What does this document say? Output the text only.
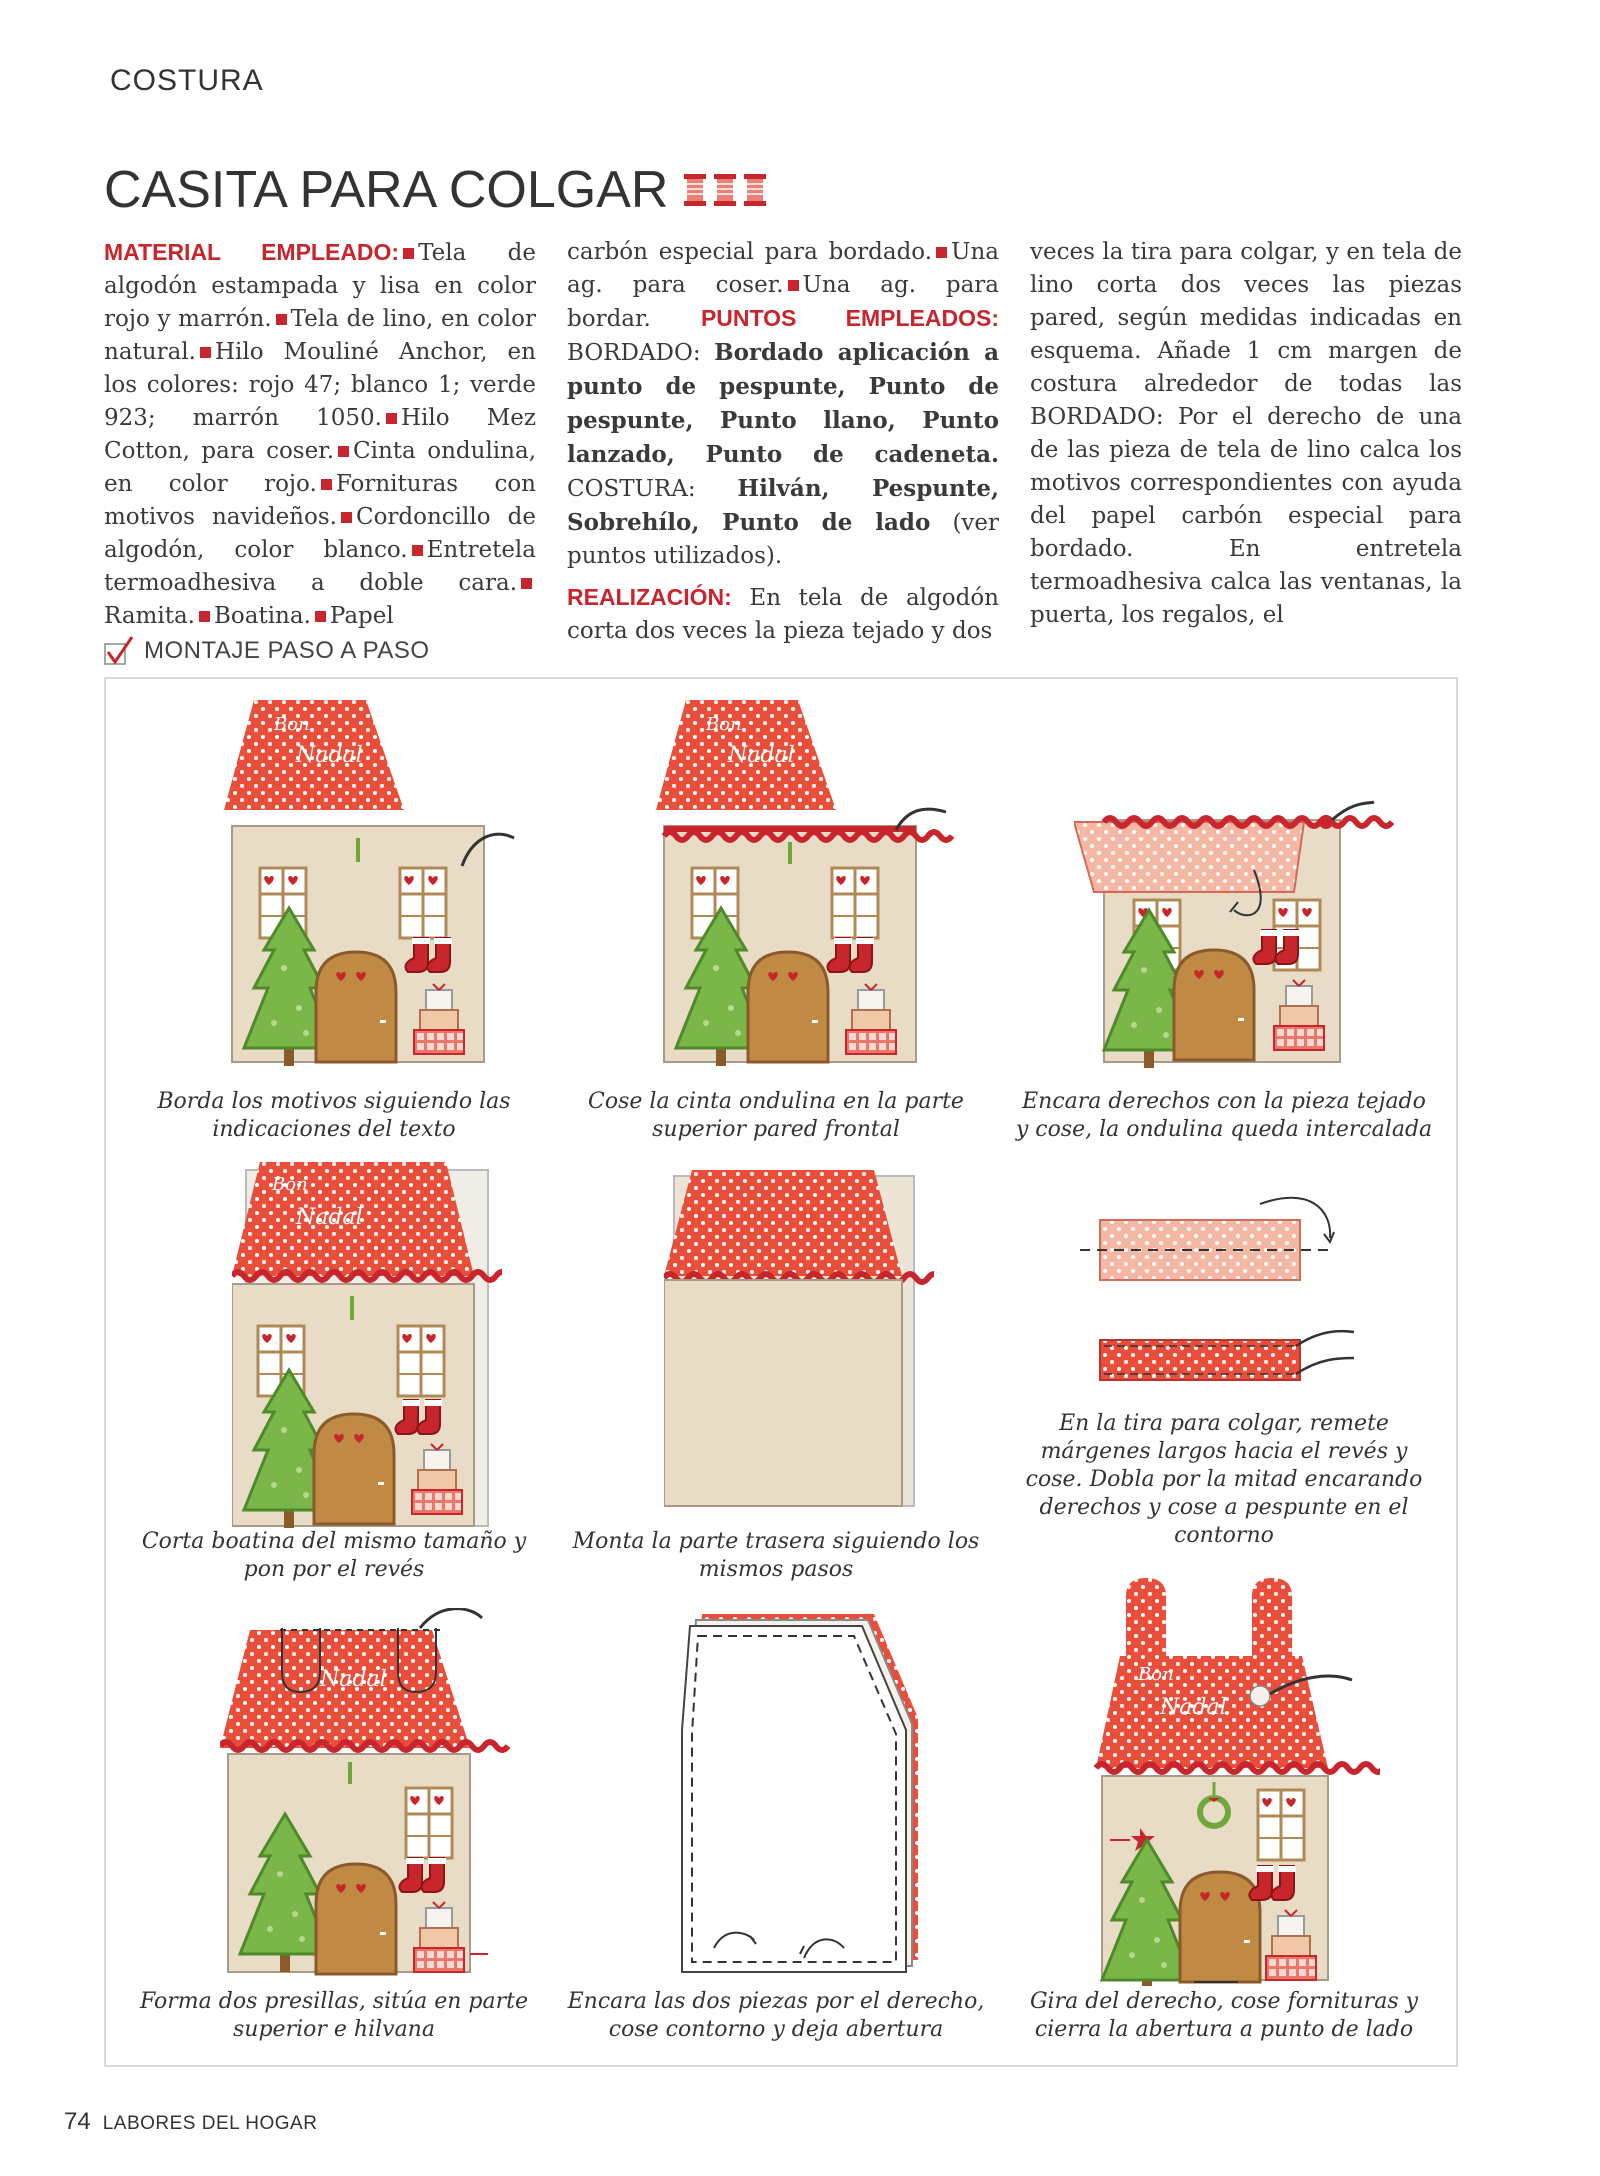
COSTURA
CASITA PARA COLGAR

MATERIAL EMPLEADO: Tela de algodón estampada y lisa en color rojo y marrón. Tela de lino, en color natural. Hilo Mouliné Anchor, en los colores: rojo 47; blanco 1; verde 923; marrón 1050. Hilo Mez Cotton, para coser. Cinta ondulina, en color rojo. Fornituras con motivos navideños. Cordoncillo de algodón, color blanco. Entretela termoadhesiva a doble cara.Ramita. Boatina. Papel

carbón especial para bordado. Una ag. para coser. Una ag. para bordar. PUNTOS EMPLEADOS: BORDADO: Bordado aplicación a punto de pespunte, Punto de pespunte, Punto llano, Punto lanzado, Punto de cadeneta. COSTURA: Hilván, Pespunte, Sobrehílo, Punto de lado (ver puntos utilizados).

REALIZACIÓN: En tela de algodón corta dos veces la pieza tejado y dos

veces la tira para colgar, y en tela de lino corta dos veces las piezas pared, según medidas indicadas en esquema. Añade 1 cm margen de costura alrededor de todas las BORDADO: Por el derecho de una de las pieza de tela de lino calca los motivos correspondientes con ayuda del papel carbón especial para bordado. En entretela termoadhesiva calca las ventanas, la puerta, los regalos, el

MONTAJE PASO A PASO
Bon
Nadal
Borda los motivos siguiendo las indicaciones del texto
Bon
Nadal
Cose la cinta ondulina en la parte superior pared frontal
Encara derechos con la pieza tejado y cose, la ondulina queda intercalada
Bon
Nadal
Corta boatina del mismo tamaño y pon por el revés
Monta la parte trasera siguiendo los mismos pasos
En la tira para colgar, remete márgenes largos hacia el revés y cose. Dobla por la mitad encarando derechos y cose a pespunte en el contorno
Nadal
Forma dos presillas, sitúa en parte superior e hilvana
Encara las dos piezas por el derecho, cose contorno y deja abertura
Bon
Nadal
Gira del derecho, cose fornituras y cierra la abertura a punto de lado
74 LABORES DEL HOGAR
